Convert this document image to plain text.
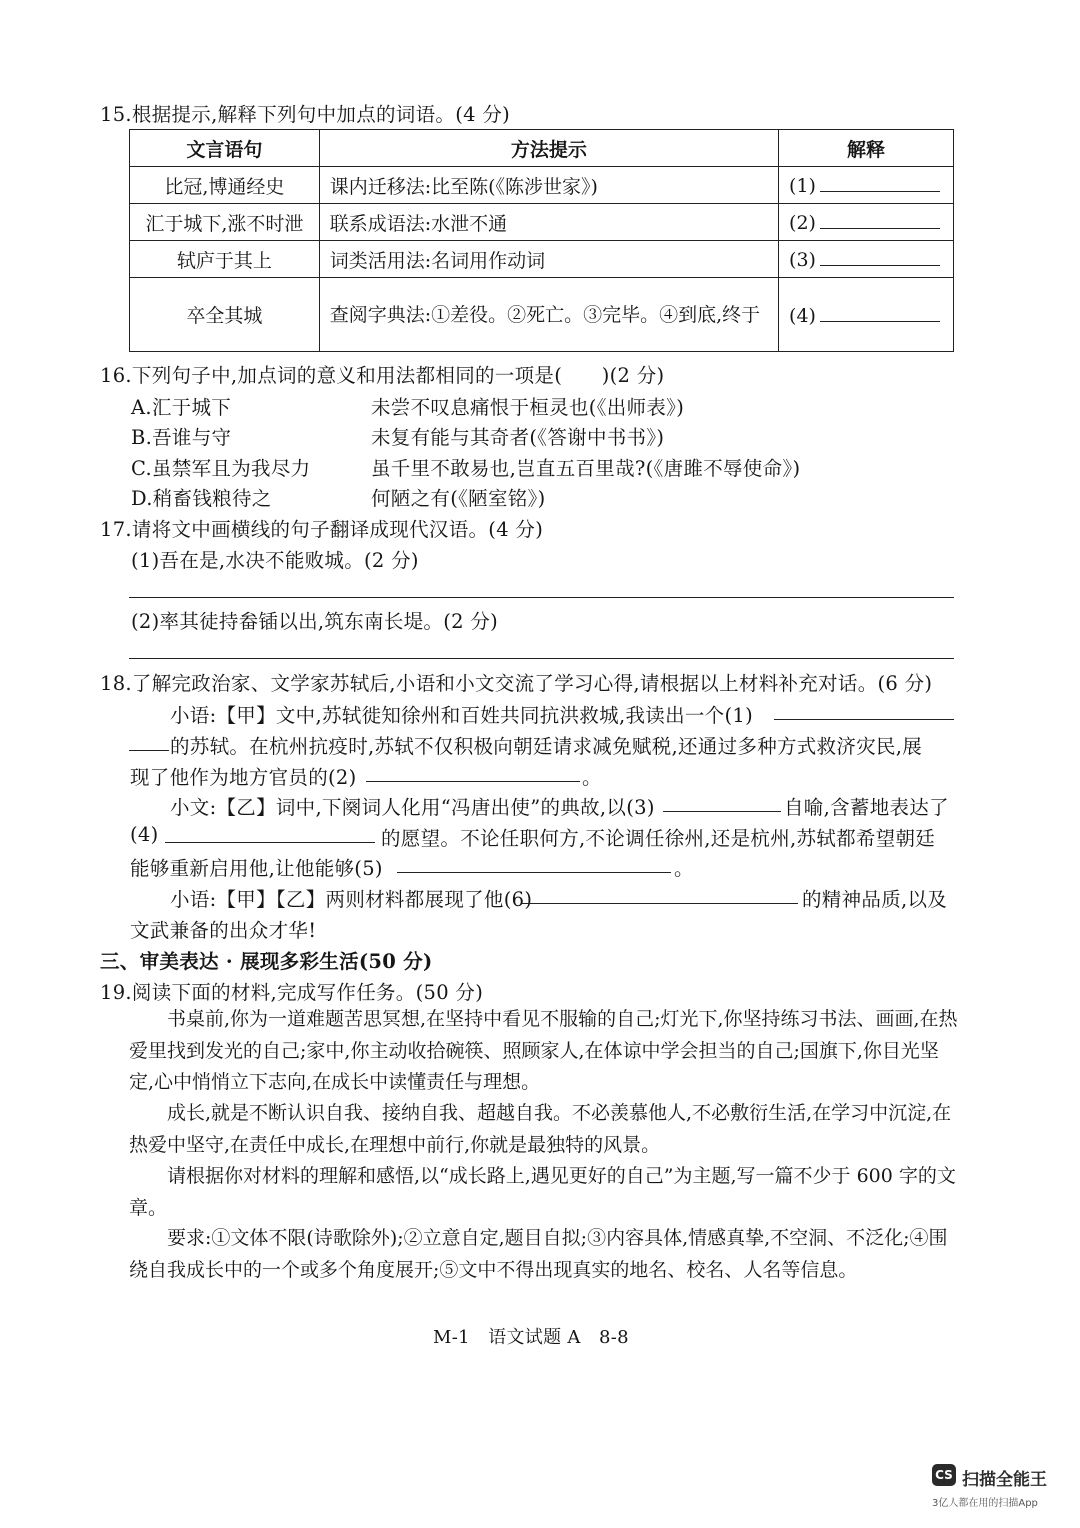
15.根据提示,解释下列句中加点的词语。(4 分)
文言语句	方法提示	解释
比冠,博通经史	课内迁移法:比至陈(《陈涉世家》)	(1)
汇于城下,涨不时泄	联系成语法:水泄不通	(2)
轼庐于其上	词类活用法:名词用作动词	(3)
卒全其城	查阅字典法:①差役。②死亡。③完毕。④到底,终于	(4)
16.下列句子中,加点词的意义和用法都相同的一项是(　　)(2 分)
A.汇于城下	未尝不叹息痛恨于桓灵也(《出师表》)
B.吾谁与守	未复有能与其奇者(《答谢中书书》)
C.虽禁军且为我尽力	虽千里不敢易也,岂直五百里哉?(《唐雎不辱使命》)
D.稍畜钱粮待之	何陋之有(《陋室铭》)
17.请将文中画横线的句子翻译成现代汉语。(4 分)
(1)吾在是,水决不能败城。(2 分)
(2)率其徒持畚锸以出,筑东南长堤。(2 分)
18.了解完政治家、文学家苏轼后,小语和小文交流了学习心得,请根据以上材料补充对话。(6 分)
小语:【甲】文中,苏轼徙知徐州和百姓共同抗洪救城,我读出一个(1)
的苏轼。在杭州抗疫时,苏轼不仅积极向朝廷请求减免赋税,还通过多种方式救济灾民,展
现了他作为地方官员的(2)	。
小文:【乙】词中,下阕词人化用“冯唐出使”的典故,以(3)	自喻,含蓄地表达了
(4)	的愿望。不论任职何方,不论调任徐州,还是杭州,苏轼都希望朝廷
能够重新启用他,让他能够(5)	。
小语:【甲】【乙】两则材料都展现了他(6)	的精神品质,以及
文武兼备的出众才华!
三、审美表达 · 展现多彩生活(50 分)
19.阅读下面的材料,完成写作任务。(50 分)
书桌前,你为一道难题苦思冥想,在坚持中看见不服输的自己;灯光下,你坚持练习书法、画画,在热爱里找到发光的自己;家中,你主动收拾碗筷、照顾家人,在体谅中学会担当的自己;国旗下,你目光坚定,心中悄悄立下志向,在成长中读懂责任与理想。
成长,就是不断认识自我、接纳自我、超越自我。不必羡慕他人,不必敷衍生活,在学习中沉淀,在热爱中坚守,在责任中成长,在理想中前行,你就是最独特的风景。
请根据你对材料的理解和感悟,以“成长路上,遇见更好的自己”为主题,写一篇不少于 600 字的文章。
要求:①文体不限(诗歌除外);②立意自定,题目自拟;③内容具体,情感真挚,不空洞、不泛化;④围绕自我成长中的一个或多个角度展开;⑤文中不得出现真实的地名、校名、人名等信息。
M-1　语文试题 A　8-8
CS 扫描全能王
3亿人都在用的扫描App
